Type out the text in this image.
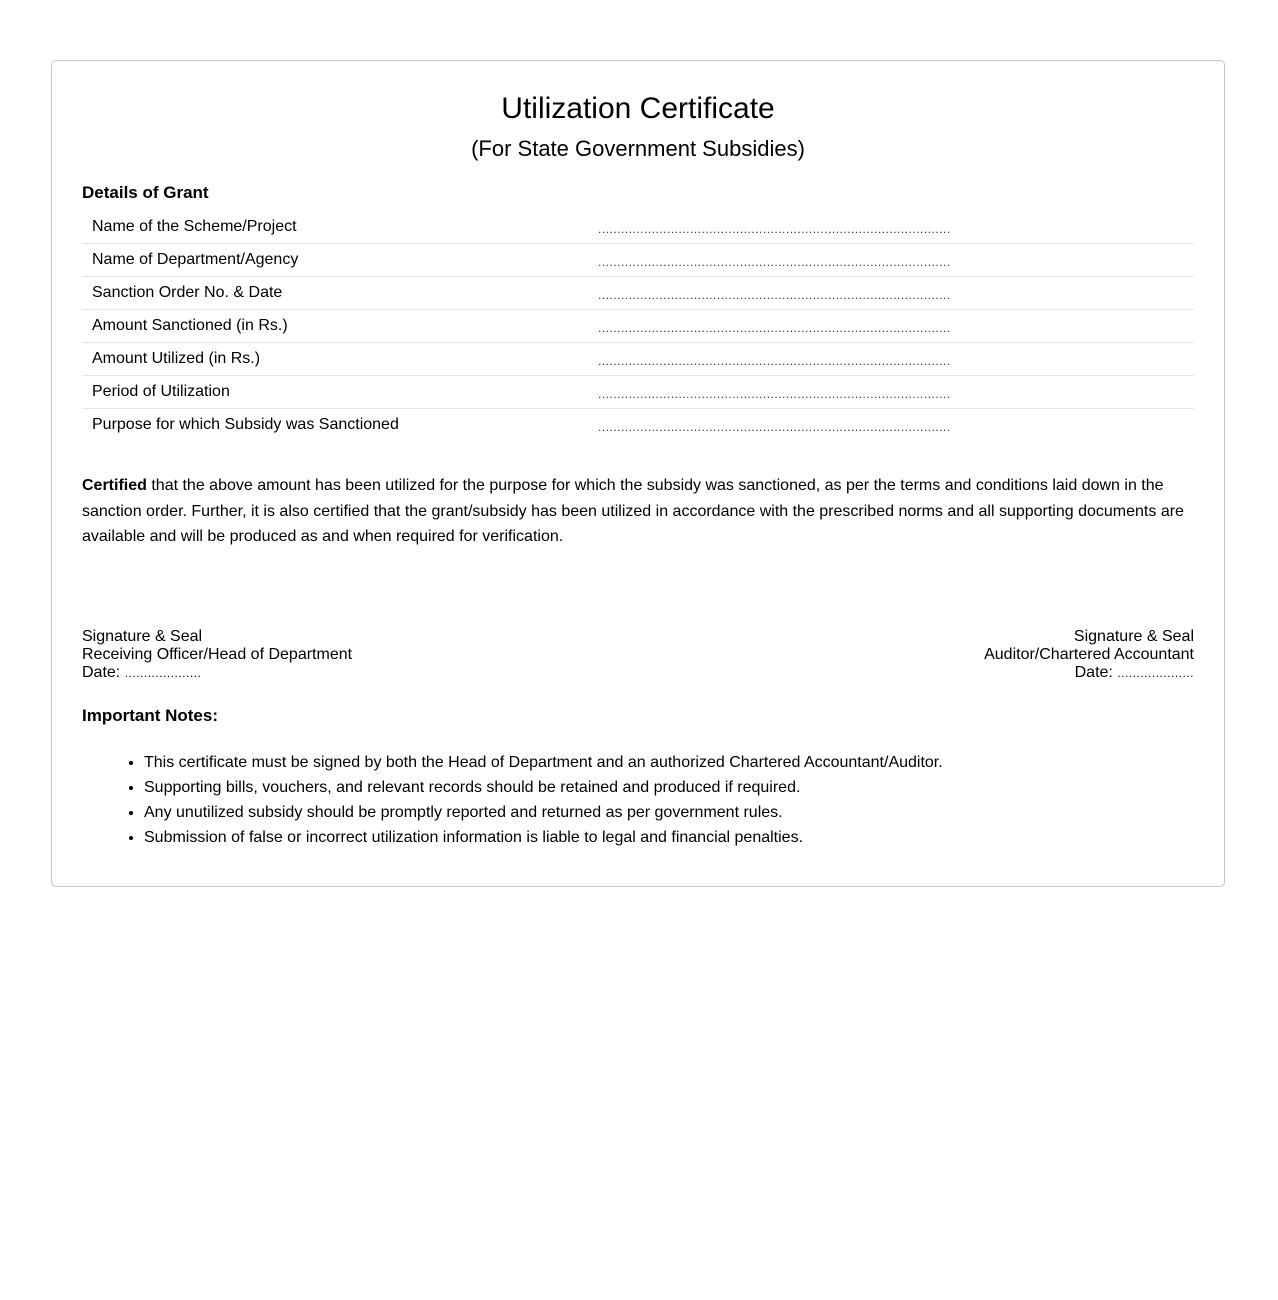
Utilization Certificate
(For State Government Subsidies)
Details of Grant
Name of the Scheme/Project	............................................................................................
Name of Department/Agency	............................................................................................
Sanction Order No. & Date	............................................................................................
Amount Sanctioned (in Rs.)	............................................................................................
Amount Utilized (in Rs.)	............................................................................................
Period of Utilization	............................................................................................
Purpose for which Subsidy was Sanctioned	............................................................................................

Certified that the above amount has been utilized for the purpose for which the subsidy was sanctioned, as per the terms and conditions laid down in the sanction order. Further, it is also certified that the grant/subsidy has been utilized in accordance with the prescribed norms and all supporting documents are available and will be produced as and when required for verification.

Signature & Seal
Receiving Officer/Head of Department
Date: ....................
Signature & Seal
Auditor/Chartered Accountant
Date: ....................
Important Notes:
• This certificate must be signed by both the Head of Department and an authorized Chartered Accountant/Auditor.
• Supporting bills, vouchers, and relevant records should be retained and produced if required.
• Any unutilized subsidy should be promptly reported and returned as per government rules.
• Submission of false or incorrect utilization information is liable to legal and financial penalties.
